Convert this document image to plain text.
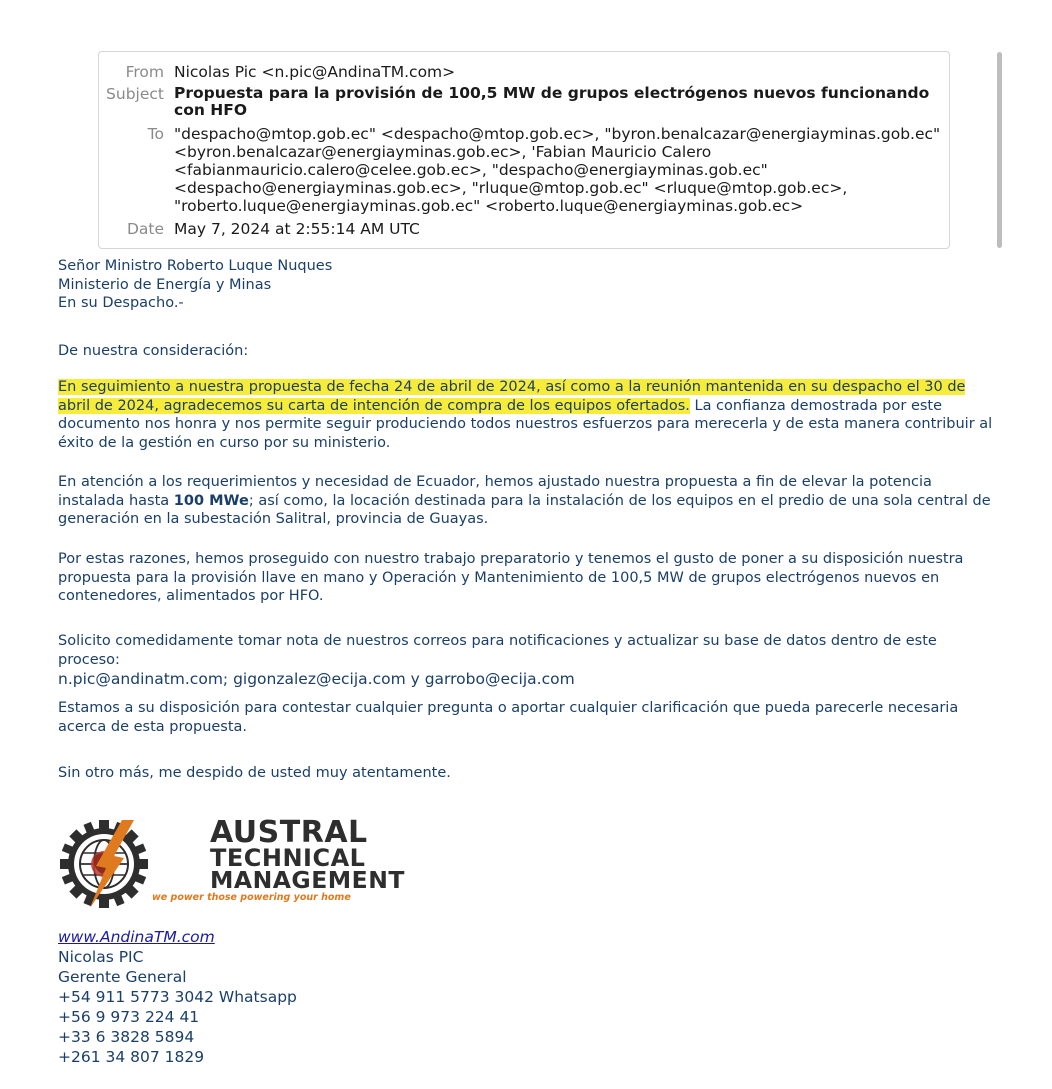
From Nicolas Pic <n.pic@AndinaTM.com>
Subject Propuesta para la provisión de 100,5 MW de grupos electrógenos nuevos funcionando con HFO
To "despacho@mtop.gob.ec" <despacho@mtop.gob.ec>, "byron.benalcazar@energiayminas.gob.ec" <byron.benalcazar@energiayminas.gob.ec>, 'Fabian Mauricio Calero <fabianmauricio.calero@celee.gob.ec>, "despacho@energiayminas.gob.ec" <despacho@energiayminas.gob.ec>, "rluque@mtop.gob.ec" <rluque@mtop.gob.ec>, "roberto.luque@energiayminas.gob.ec" <roberto.luque@energiayminas.gob.ec>
Date May 7, 2024 at 2:55:14 AM UTC
Señor Ministro Roberto Luque Nuques
Ministerio de Energía y Minas
En su Despacho.-
De nuestra consideración:
En seguimiento a nuestra propuesta de fecha 24 de abril de 2024, así como a la reunión mantenida en su despacho el 30 de abril de 2024, agradecemos su carta de intención de compra de los equipos ofertados. La confianza demostrada por este documento nos honra y nos permite seguir produciendo todos nuestros esfuerzos para merecerla y de esta manera contribuir al éxito de la gestión en curso por su ministerio.
En atención a los requerimientos y necesidad de Ecuador, hemos ajustado nuestra propuesta a fin de elevar la potencia instalada hasta 100 MWe; así como, la locación destinada para la instalación de los equipos en el predio de una sola central de generación en la subestación Salitral, provincia de Guayas.
Por estas razones, hemos proseguido con nuestro trabajo preparatorio y tenemos el gusto de poner a su disposición nuestra propuesta para la provisión llave en mano y Operación y Mantenimiento de 100,5 MW de grupos electrógenos nuevos en contenedores, alimentados por HFO.
Solicito comedidamente tomar nota de nuestros correos para notificaciones y actualizar su base de datos dentro de este proceso:
n.pic@andinatm.com; gigonzalez@ecija.com y garrobo@ecija.com
Estamos a su disposición para contestar cualquier pregunta o aportar cualquier clarificación que pueda parecerle necesaria acerca de esta propuesta.
Sin otro más, me despido de usted muy atentamente.
AUSTRAL
TECHNICAL
MANAGEMENT
we power those powering your home
www.AndinaTM.com
Nicolas PIC
Gerente General
+54 911 5773 3042 Whatsapp
+56 9 973 224 41
+33 6 3828 5894
+261 34 807 1829
